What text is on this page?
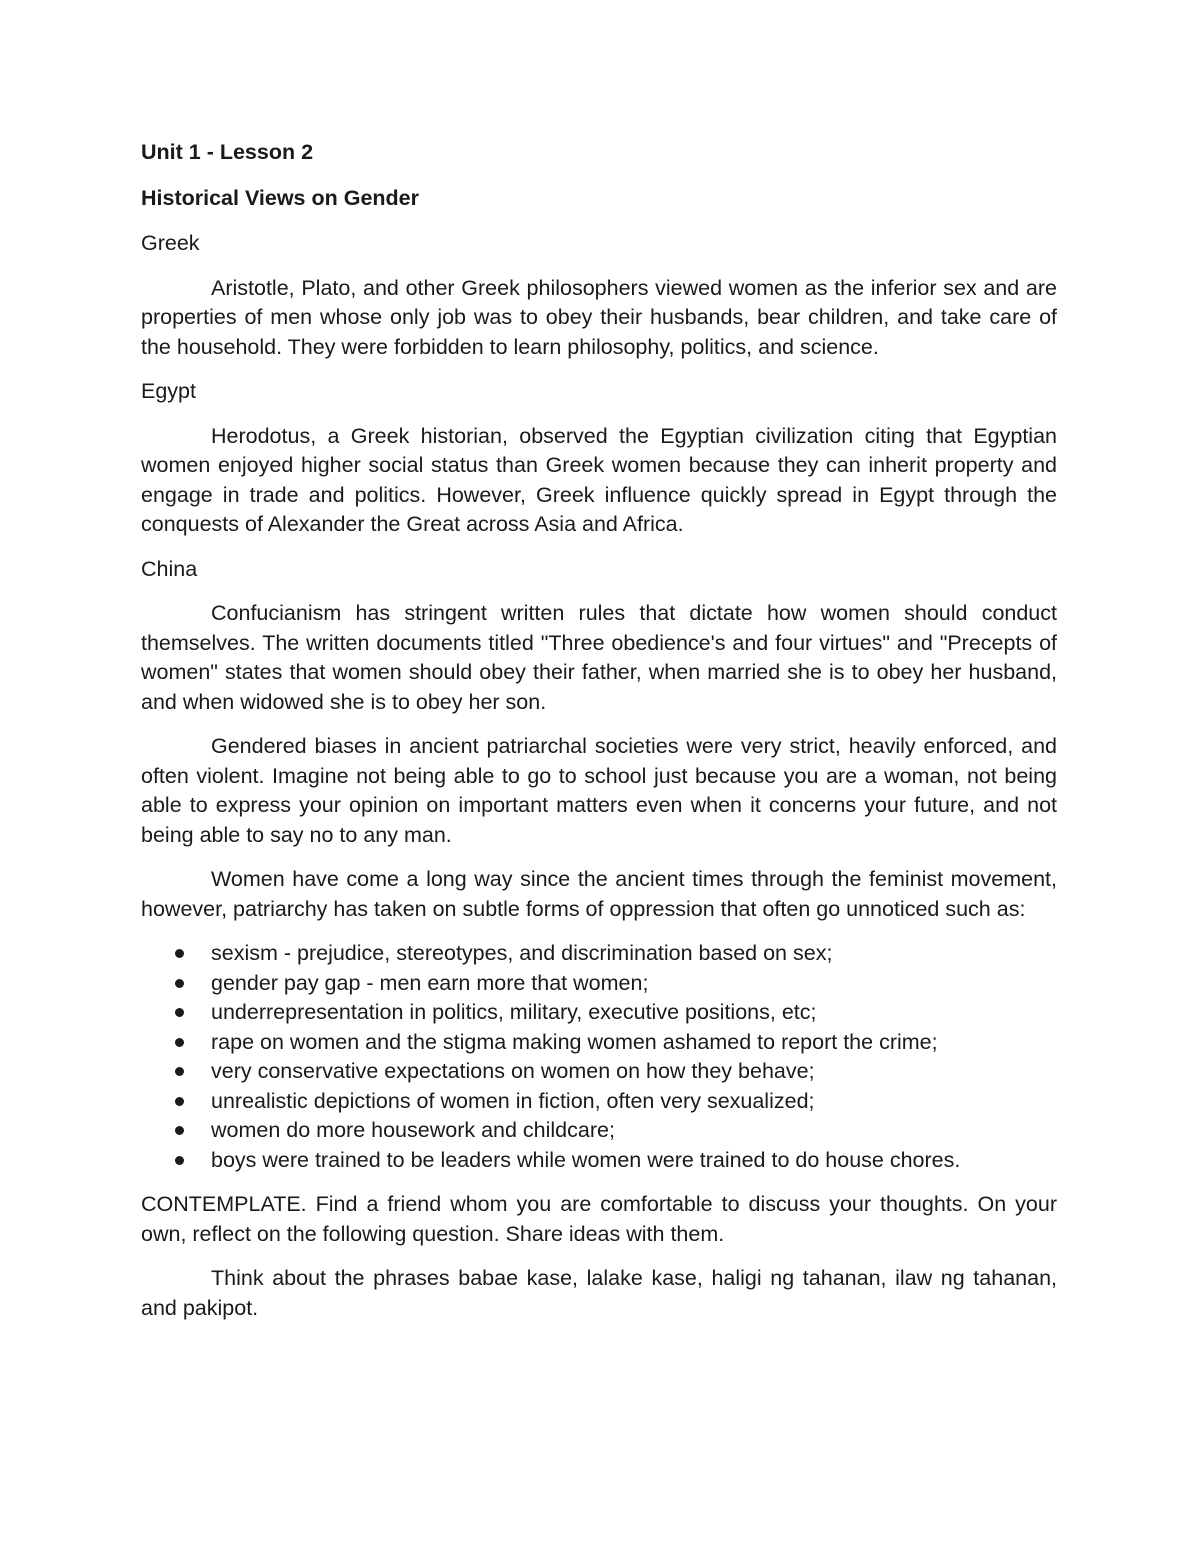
Unit 1 - Lesson 2

Historical Views on Gender

Greek

Aristotle, Plato, and other Greek philosophers viewed women as the inferior sex and are properties of men whose only job was to obey their husbands, bear children, and take care of the household. They were forbidden to learn philosophy, politics, and science.

Egypt

Herodotus, a Greek historian, observed the Egyptian civilization citing that Egyptian women enjoyed higher social status than Greek women because they can inherit property and engage in trade and politics. However, Greek influence quickly spread in Egypt through the conquests of Alexander the Great across Asia and Africa.

China

Confucianism has stringent written rules that dictate how women should conduct themselves. The written documents titled "Three obedience's and four virtues" and "Precepts of women" states that women should obey their father, when married she is to obey her husband, and when widowed she is to obey her son.

Gendered biases in ancient patriarchal societies were very strict, heavily enforced, and often violent. Imagine not being able to go to school just because you are a woman, not being able to express your opinion on important matters even when it concerns your future, and not being able to say no to any man.

Women have come a long way since the ancient times through the feminist movement, however, patriarchy has taken on subtle forms of oppression that often go unnoticed such as:

sexism - prejudice, stereotypes, and discrimination based on sex;
gender pay gap - men earn more that women;
underrepresentation in politics, military, executive positions, etc;
rape on women and the stigma making women ashamed to report the crime;
very conservative expectations on women on how they behave;
unrealistic depictions of women in fiction, often very sexualized;
women do more housework and childcare;
boys were trained to be leaders while women were trained to do house chores.

CONTEMPLATE. Find a friend whom you are comfortable to discuss your thoughts. On your own, reflect on the following question. Share ideas with them.

Think about the phrases babae kase, lalake kase, haligi ng tahanan, ilaw ng tahanan, and pakipot.
